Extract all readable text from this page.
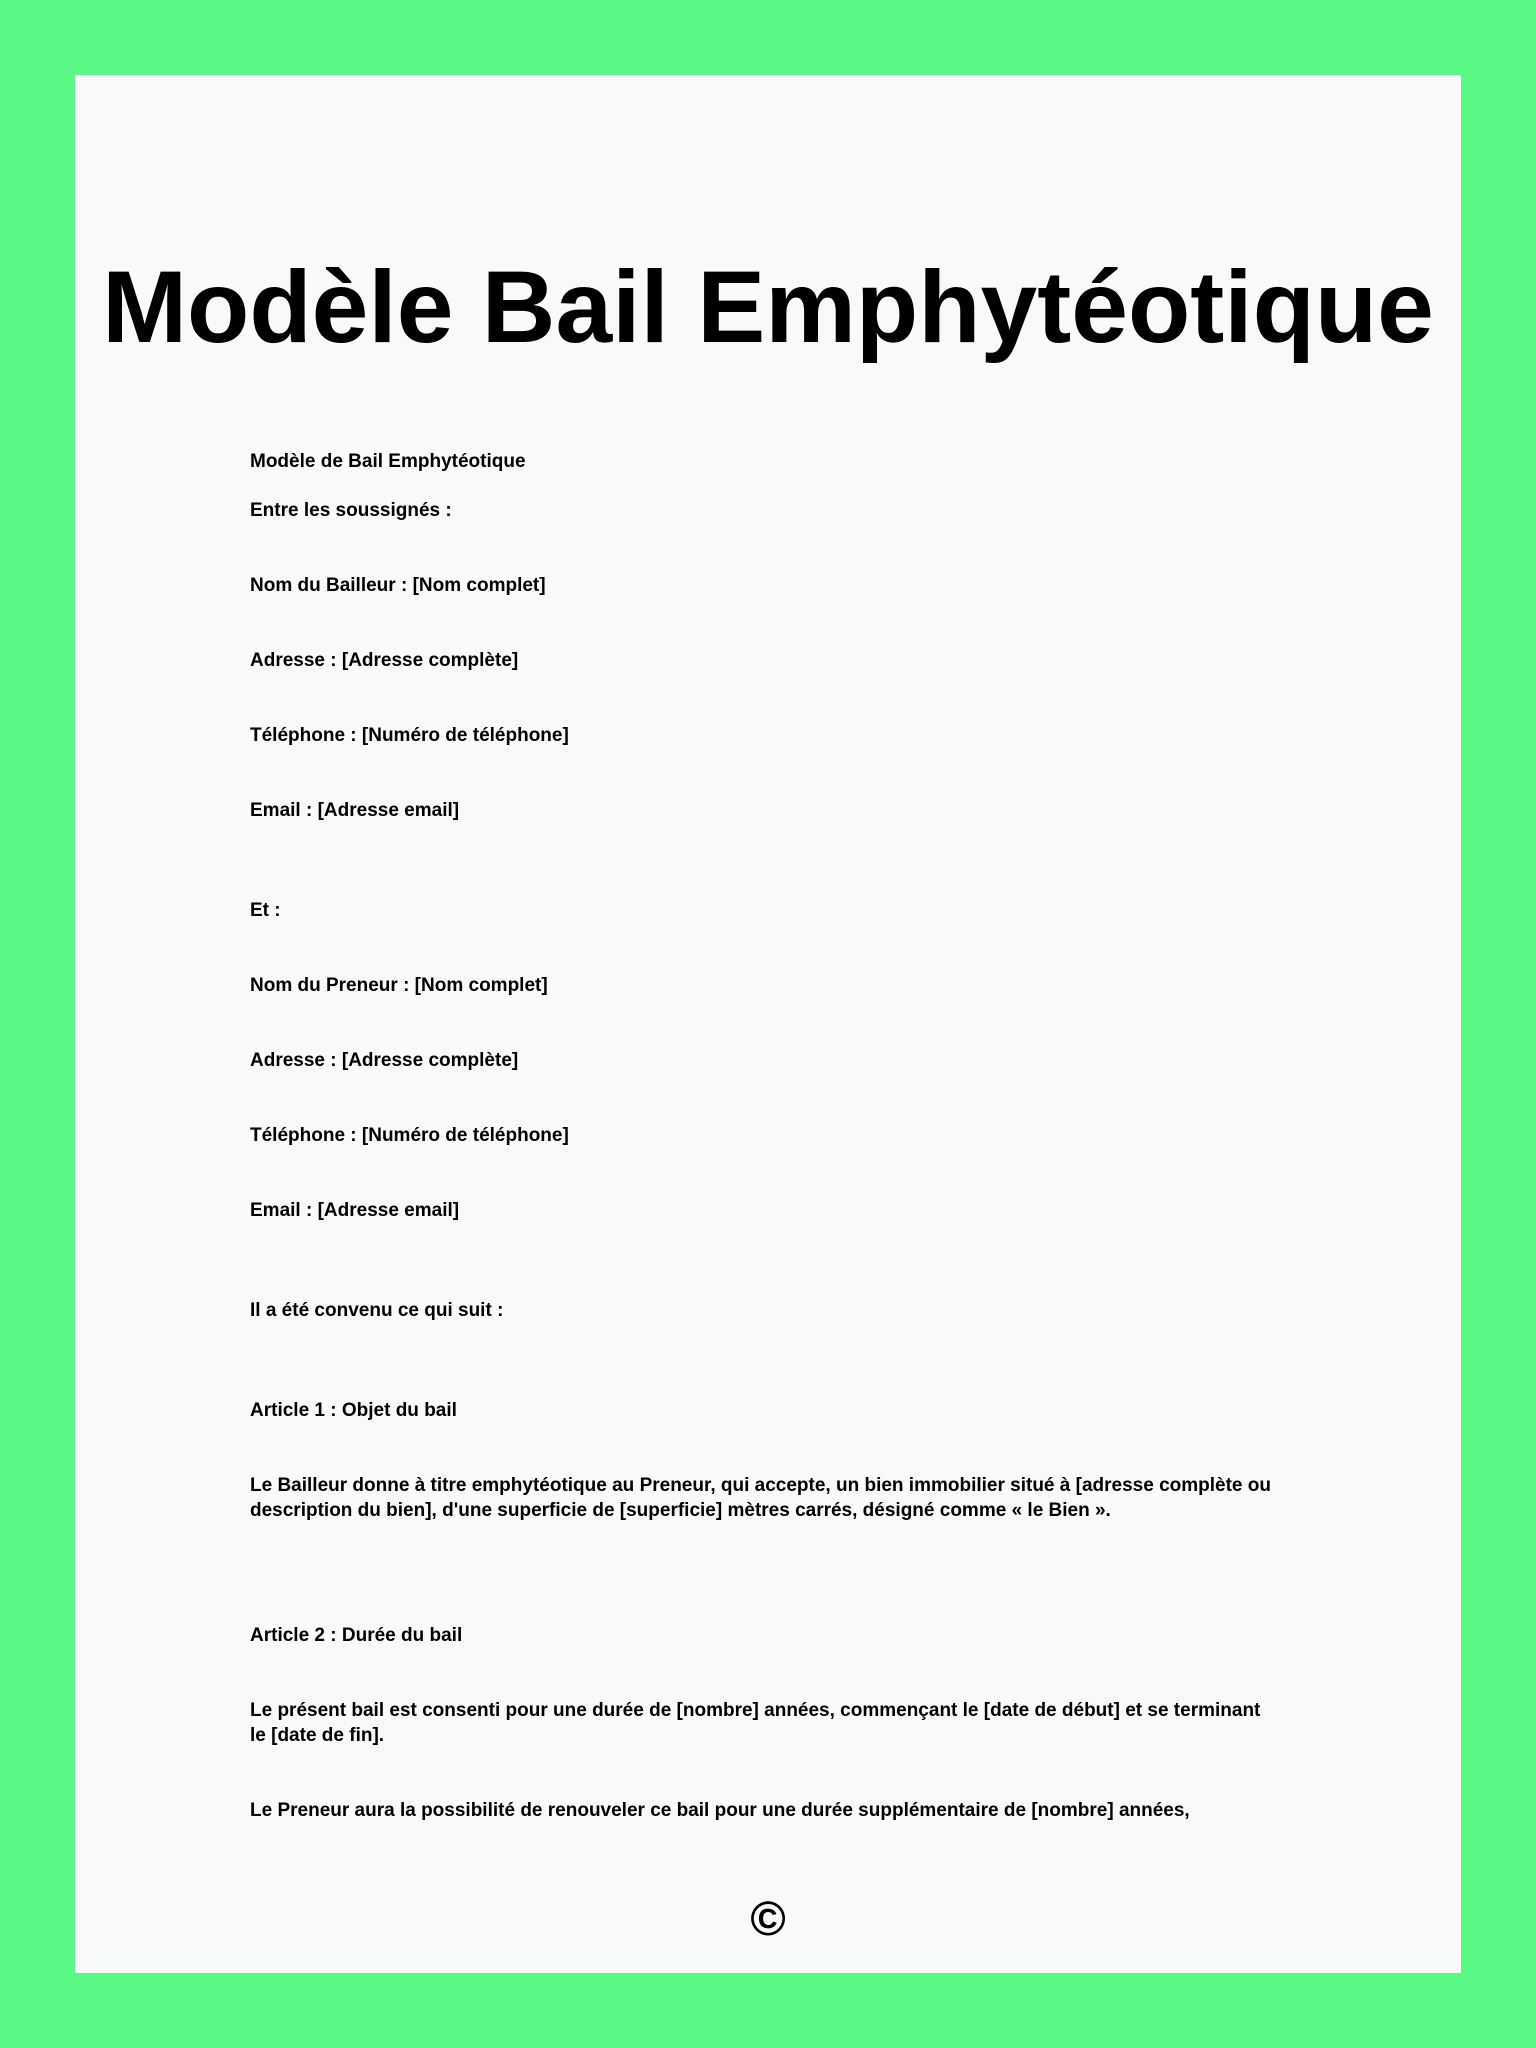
Modèle Bail Emphytéotique

Modèle de Bail Emphytéotique

Entre les soussignés :

Nom du Bailleur : [Nom complet]

Adresse : [Adresse complète]

Téléphone : [Numéro de téléphone]

Email : [Adresse email]

Et :

Nom du Preneur : [Nom complet]

Adresse : [Adresse complète]

Téléphone : [Numéro de téléphone]

Email : [Adresse email]

Il a été convenu ce qui suit :

Article 1 : Objet du bail

Le Bailleur donne à titre emphytéotique au Preneur, qui accepte, un bien immobilier situé à [adresse complète ou description du bien], d'une superficie de [superficie] mètres carrés, désigné comme « le Bien ».

Article 2 : Durée du bail

Le présent bail est consenti pour une durée de [nombre] années, commençant le [date de début] et se terminant le [date de fin].

Le Preneur aura la possibilité de renouveler ce bail pour une durée supplémentaire de [nombre] années,

©
